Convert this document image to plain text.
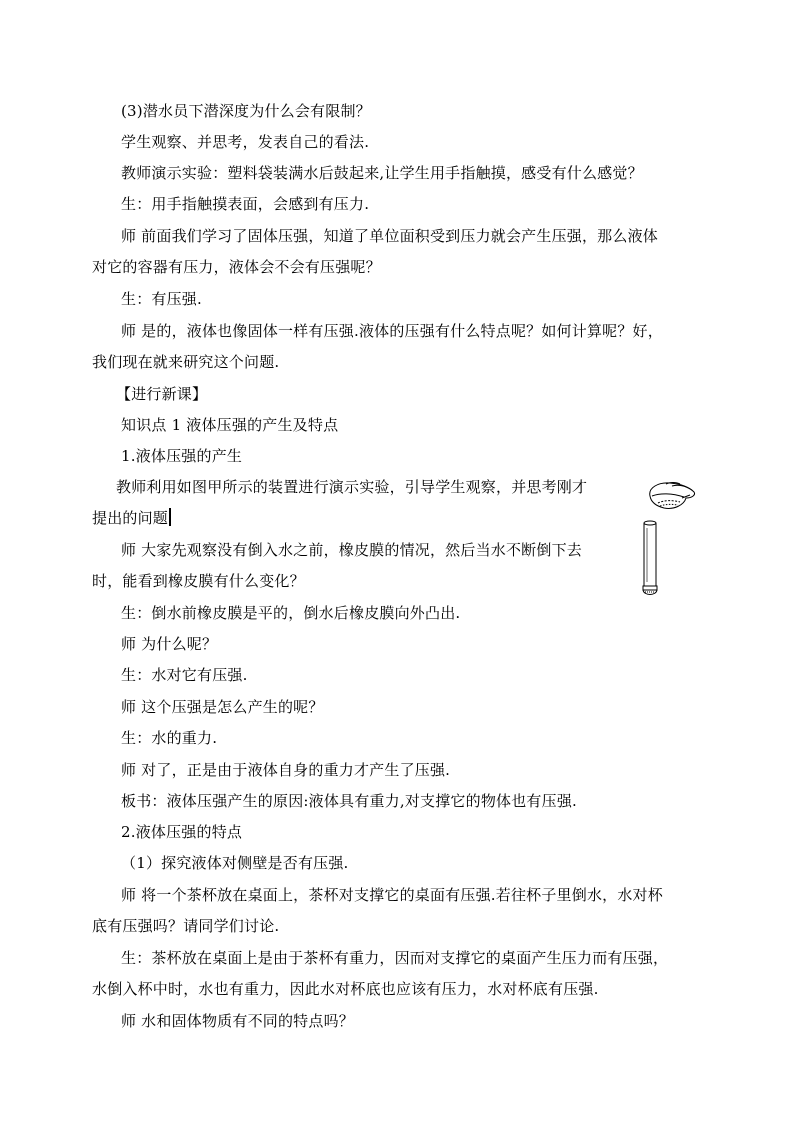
(3)潜水员下潜深度为什么会有限制？
学生观察、并思考，发表自己的看法.
教师演示实验：塑料袋装满水后鼓起来,让学生用手指触摸，感受有什么感觉？
生：用手指触摸表面，会感到有压力.
师 前面我们学习了固体压强，知道了单位面积受到压力就会产生压强，那么液体
对它的容器有压力，液体会不会有压强呢？
生：有压强.
师 是的，液体也像固体一样有压强.液体的压强有什么特点呢？如何计算呢？好，
我们现在就来研究这个问题.
【进行新课】
知识点 1 液体压强的产生及特点
1.液体压强的产生
教师利用如图甲所示的装置进行演示实验，引导学生观察，并思考刚才
提出的问题
师 大家先观察没有倒入水之前，橡皮膜的情况，然后当水不断倒下去
时，能看到橡皮膜有什么变化？
生：倒水前橡皮膜是平的，倒水后橡皮膜向外凸出.
师 为什么呢？
生：水对它有压强.
师 这个压强是怎么产生的呢？
生：水的重力.
师 对了，正是由于液体自身的重力才产生了压强.
板书：液体压强产生的原因:液体具有重力,对支撑它的物体也有压强.
2.液体压强的特点
（1）探究液体对侧壁是否有压强.
师 将一个茶杯放在桌面上，茶杯对支撑它的桌面有压强.若往杯子里倒水，水对杯
底有压强吗？请同学们讨论.
生：茶杯放在桌面上是由于茶杯有重力，因而对支撑它的桌面产生压力而有压强，
水倒入杯中时，水也有重力，因此水对杯底也应该有压力，水对杯底有压强.
师 水和固体物质有不同的特点吗？
